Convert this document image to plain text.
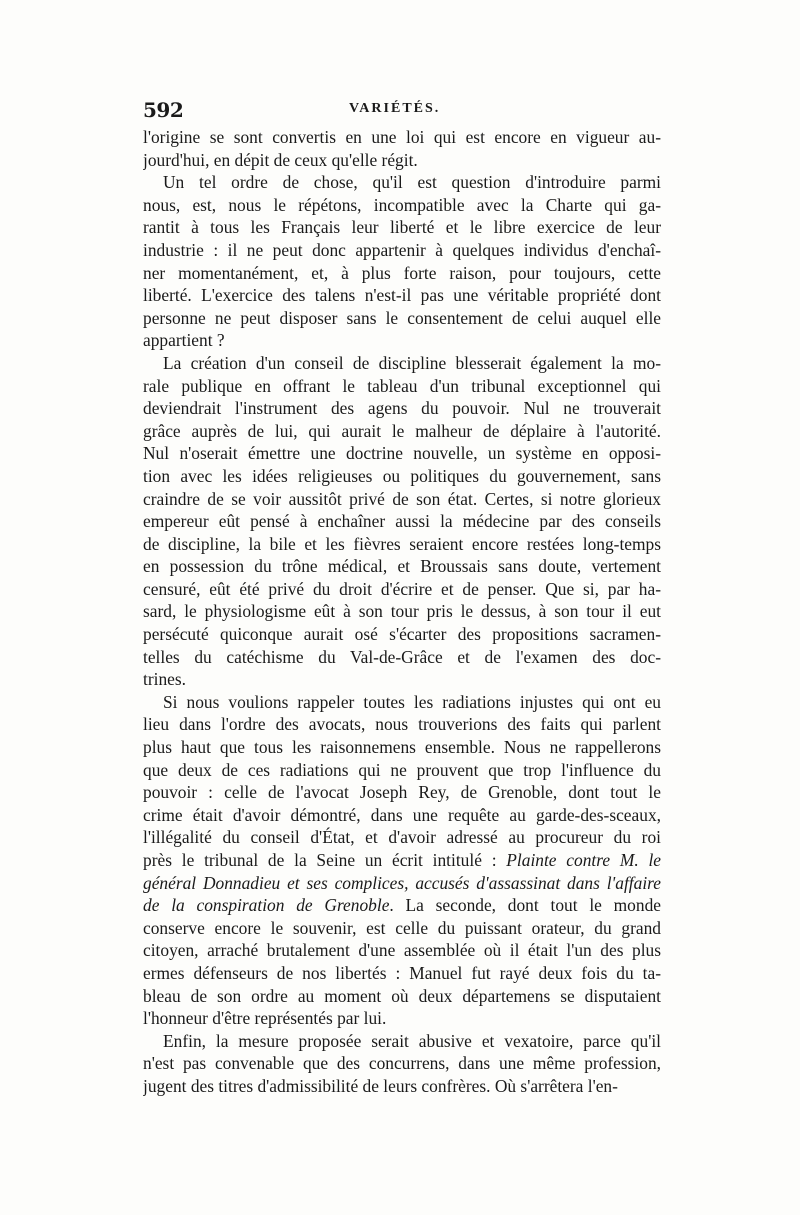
592	VARIÉTÉS.
l'origine se sont convertis en une loi qui est encore en vigueur au-
jourd'hui, en dépit de ceux qu'elle régit.
Un tel ordre de chose, qu'il est question d'introduire parmi
nous, est, nous le répétons, incompatible avec la Charte qui ga-
rantit à tous les Français leur liberté et le libre exercice de leur
industrie : il ne peut donc appartenir à quelques individus d'enchaî-
ner momentanément, et, à plus forte raison, pour toujours, cette
liberté. L'exercice des talens n'est-il pas une véritable propriété dont
personne ne peut disposer sans le consentement de celui auquel elle
appartient ?
La création d'un conseil de discipline blesserait également la mo-
rale publique en offrant le tableau d'un tribunal exceptionnel qui
deviendrait l'instrument des agens du pouvoir. Nul ne trouverait
grâce auprès de lui, qui aurait le malheur de déplaire à l'autorité.
Nul n'oserait émettre une doctrine nouvelle, un système en opposi-
tion avec les idées religieuses ou politiques du gouvernement, sans
craindre de se voir aussitôt privé de son état. Certes, si notre glorieux
empereur eût pensé à enchaîner aussi la médecine par des conseils
de discipline, la bile et les fièvres seraient encore restées long-temps
en possession du trône médical, et Broussais sans doute, vertement
censuré, eût été privé du droit d'écrire et de penser. Que si, par ha-
sard, le physiologisme eût à son tour pris le dessus, à son tour il eut
persécuté quiconque aurait osé s'écarter des propositions sacramen-
telles du catéchisme du Val-de-Grâce et de l'examen des doc-
trines.
Si nous voulions rappeler toutes les radiations injustes qui ont eu
lieu dans l'ordre des avocats, nous trouverions des faits qui parlent
plus haut que tous les raisonnemens ensemble. Nous ne rappellerons
que deux de ces radiations qui ne prouvent que trop l'influence du
pouvoir : celle de l'avocat Joseph Rey, de Grenoble, dont tout le
crime était d'avoir démontré, dans une requête au garde-des-sceaux,
l'illégalité du conseil d'État, et d'avoir adressé au procureur du roi
près le tribunal de la Seine un écrit intitulé : Plainte contre M. le
général Donnadieu et ses complices, accusés d'assassinat dans l'affaire
de la conspiration de Grenoble. La seconde, dont tout le monde
conserve encore le souvenir, est celle du puissant orateur, du grand
citoyen, arraché brutalement d'une assemblée où il était l'un des plus
ermes défenseurs de nos libertés : Manuel fut rayé deux fois du ta-
bleau de son ordre au moment où deux départemens se disputaient
l'honneur d'être représentés par lui.
Enfin, la mesure proposée serait abusive et vexatoire, parce qu'il
n'est pas convenable que des concurrens, dans une même profession,
jugent des titres d'admissibilité de leurs confrères. Où s'arrêtera l'en-
